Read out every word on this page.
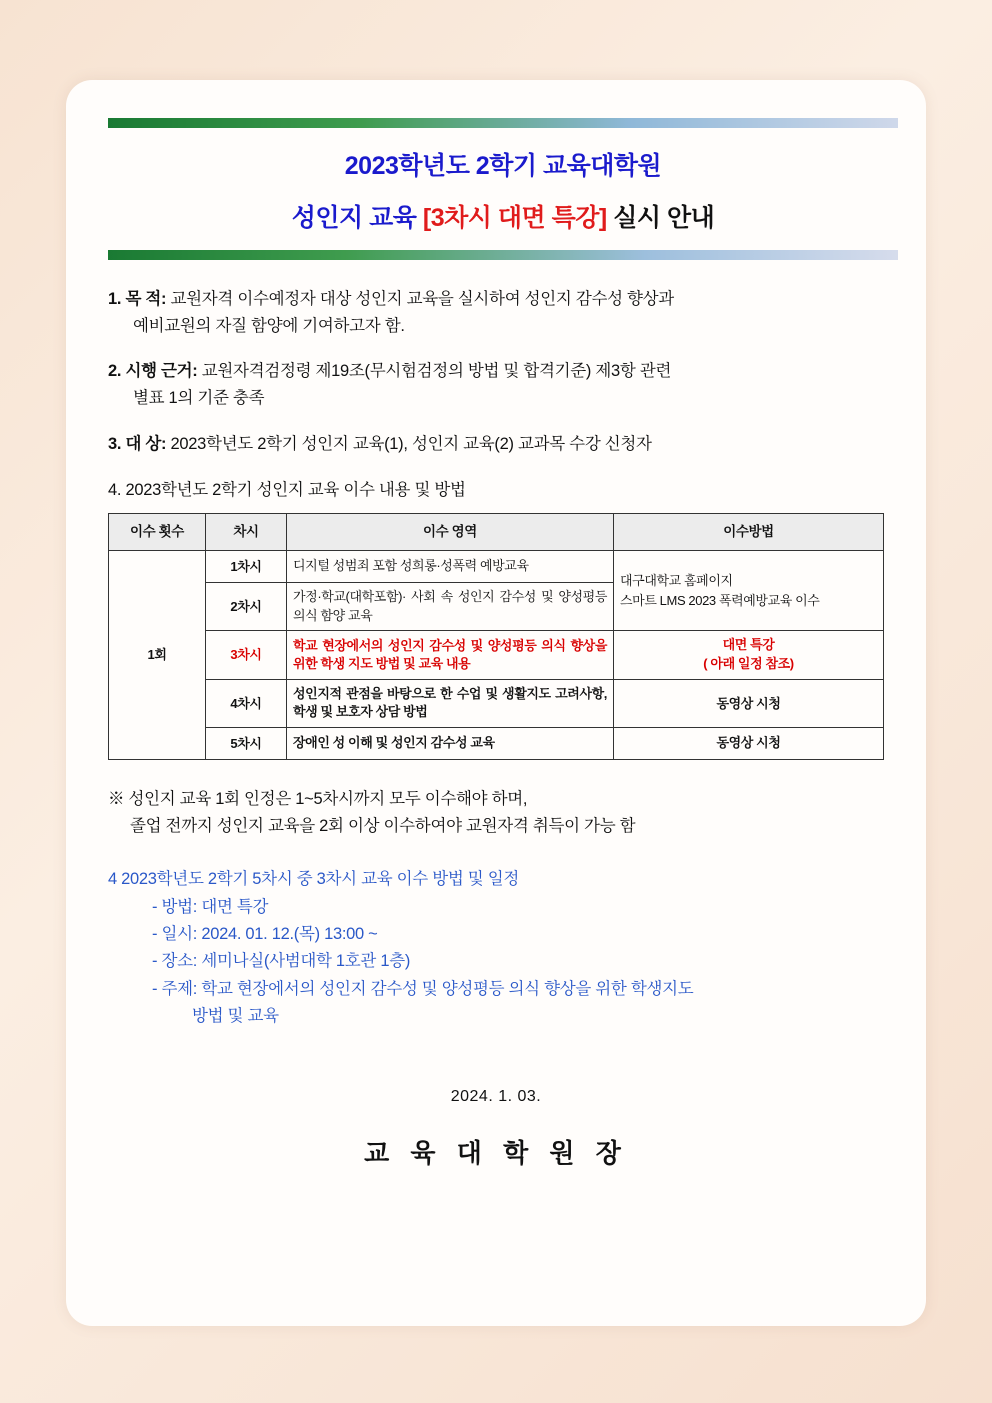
2023학년도 2학기 교육대학원
성인지 교육 [3차시 대면 특강] 실시 안내
1. 목 적: 교원자격 이수예정자 대상 성인지 교육을 실시하여 성인지 감수성 향상과
예비교원의 자질 함양에 기여하고자 함.
2. 시행 근거: 교원자격검정령 제19조(무시험검정의 방법 및 합격기준) 제3항 관련
별표 1의 기준 충족
3. 대 상: 2023학년도 2학기 성인지 교육(1), 성인지 교육(2) 교과목 수강 신청자
4. 2023학년도 2학기 성인지 교육 이수 내용 및 방법
이수 횟수	차시	이수 영역	이수방법
1회	1차시	디지털 성범죄 포함 성희롱·성폭력 예방교육	대구대학교 홈페이지
스마트 LMS 2023 폭력예방교육 이수
	2차시	가정·학교(대학포함)· 사회 속 성인지 감수성 및 양성평등 의식 함양 교육	
	3차시	학교 현장에서의 성인지 감수성 및 양성평등 의식 향상을 위한 학생 지도 방법 및 교육 내용	대면 특강
( 아래 일정 참조)
	4차시	성인지적 관점을 바탕으로 한 수업 및 생활지도 고려사항, 학생 및 보호자 상담 방법	동영상 시청
	5차시	장애인 성 이해 및 성인지 감수성 교육	동영상 시청
※ 성인지 교육 1회 인정은 1~5차시까지 모두 이수해야 하며,
졸업 전까지 성인지 교육을 2회 이상 이수하여야 교원자격 취득이 가능 함
4 2023학년도 2학기 5차시 중 3차시 교육 이수 방법 및 일정
- 방법: 대면 특강
- 일시: 2024. 01. 12.(목) 13:00 ~
- 장소: 세미나실(사범대학 1호관 1층)
- 주제: 학교 현장에서의 성인지 감수성 및 양성평등 의식 향상을 위한 학생지도
방법 및 교육
2024. 1. 03.
교 육 대 학 원 장
